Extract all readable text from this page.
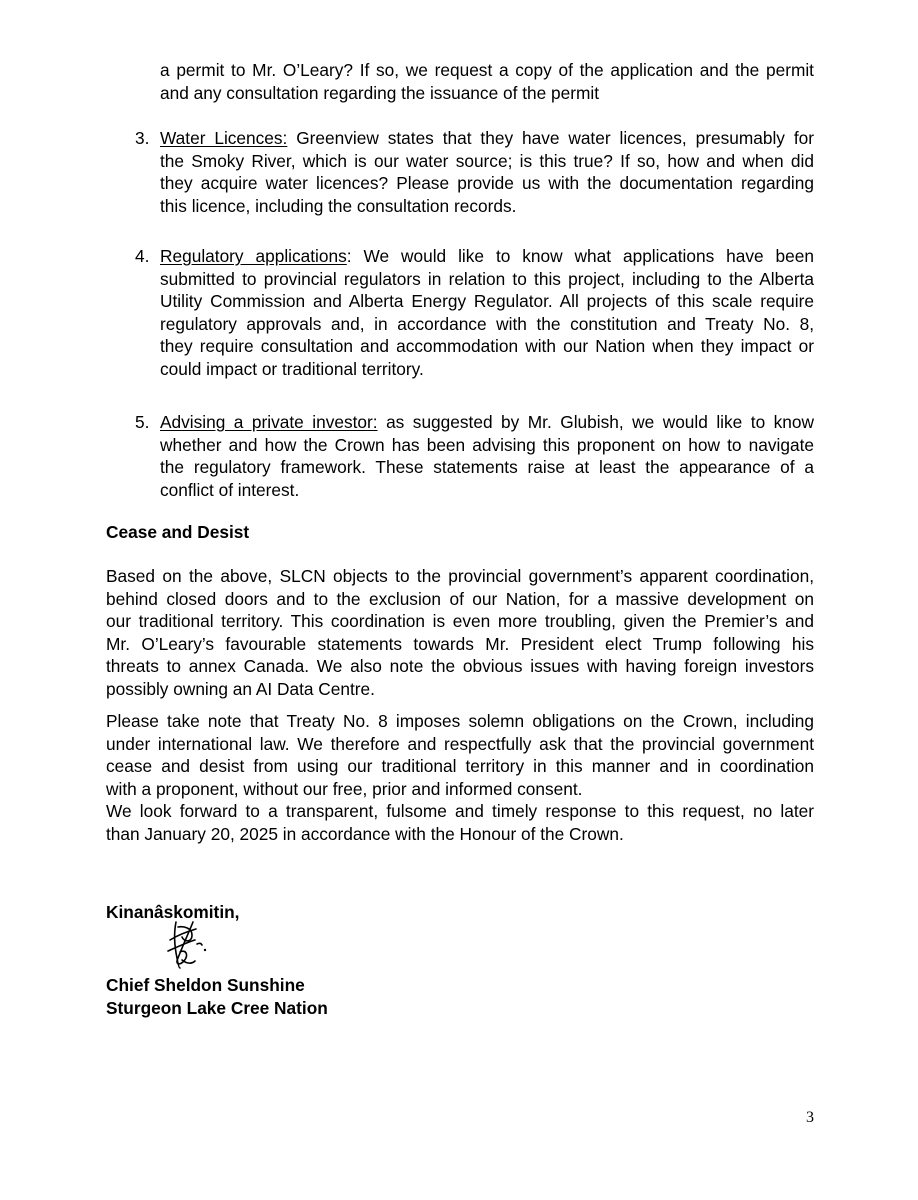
a permit to Mr. O’Leary? If so, we request a copy of the application and the permit
and any consultation regarding the issuance of the permit
3. Water Licences: Greenview states that they have water licences, presumably for
the Smoky River, which is our water source; is this true? If so, how and when did
they acquire water licences? Please provide us with the documentation regarding
this licence, including the consultation records.
4. Regulatory applications: We would like to know what applications have been
submitted to provincial regulators in relation to this project, including to the Alberta
Utility Commission and Alberta Energy Regulator. All projects of this scale require
regulatory approvals and, in accordance with the constitution and Treaty No. 8,
they require consultation and accommodation with our Nation when they impact or
could impact or traditional territory.
5. Advising a private investor: as suggested by Mr. Glubish, we would like to know
whether and how the Crown has been advising this proponent on how to navigate
the regulatory framework. These statements raise at least the appearance of a
conflict of interest.
Cease and Desist
Based on the above, SLCN objects to the provincial government’s apparent coordination,
behind closed doors and to the exclusion of our Nation, for a massive development on
our traditional territory. This coordination is even more troubling, given the Premier’s and
Mr. O’Leary’s favourable statements towards Mr. President elect Trump following his
threats to annex Canada. We also note the obvious issues with having foreign investors
possibly owning an AI Data Centre.
Please take note that Treaty No. 8 imposes solemn obligations on the Crown, including
under international law. We therefore and respectfully ask that the provincial government
cease and desist from using our traditional territory in this manner and in coordination
with a proponent, without our free, prior and informed consent.
We look forward to a transparent, fulsome and timely response to this request, no later
than January 20, 2025 in accordance with the Honour of the Crown.
Kinanâskomitin,
Chief Sheldon Sunshine
Sturgeon Lake Cree Nation
3
